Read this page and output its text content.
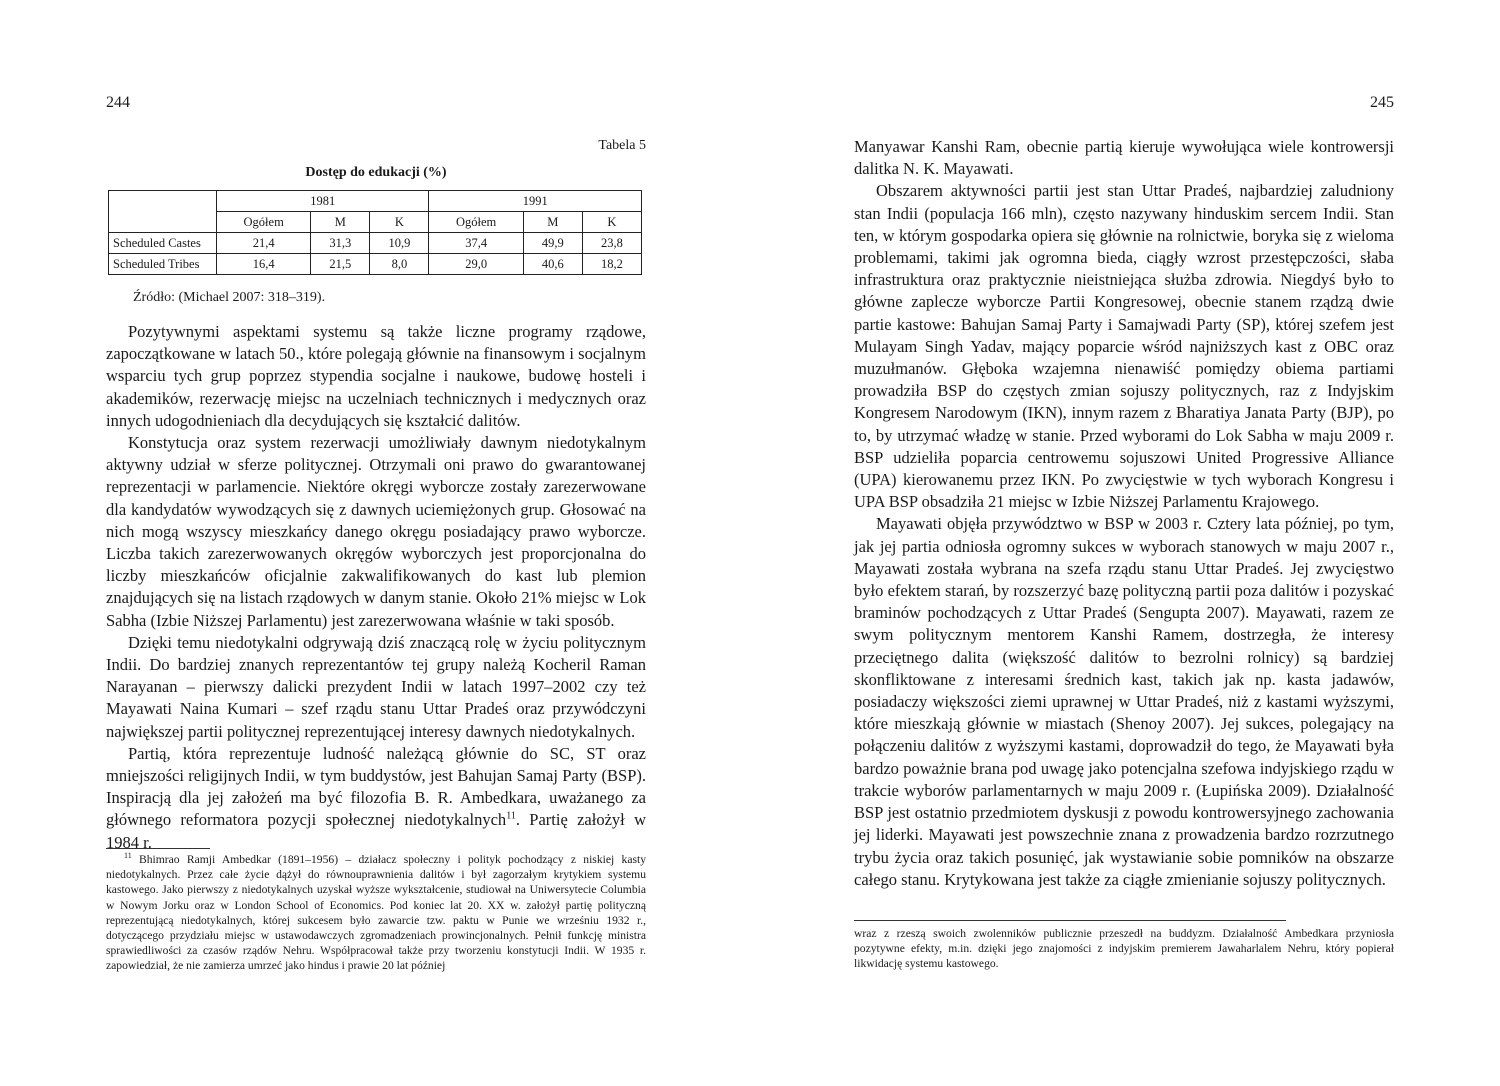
244
Tabela 5
Dostęp do edukacji (%)
	1981			1991		
	Ogółem	M	K	Ogółem	M	K
Scheduled Castes	21,4	31,3	10,9	37,4	49,9	23,8
Scheduled Tribes	16,4	21,5	8,0	29,0	40,6	18,2
Źródło: (Michael 2007: 318–319).

Pozytywnymi aspektami systemu są także liczne programy rządowe, zapoczątkowane w latach 50., które polegają głównie na finansowym i socjalnym wsparciu tych grup poprzez stypendia socjalne i naukowe, budowę hosteli i akademików, rezerwację miejsc na uczelniach technicznych i medycznych oraz innych udogodnieniach dla decydujących się kształcić dalitów.

Konstytucja oraz system rezerwacji umożliwiały dawnym niedotykalnym aktywny udział w sferze politycznej. Otrzymali oni prawo do gwarantowanej reprezentacji w parlamencie. Niektóre okręgi wyborcze zostały zarezerwowane dla kandydatów wywodzących się z dawnych uciemiężonych grup. Głosować na nich mogą wszyscy mieszkańcy danego okręgu posiadający prawo wyborcze. Liczba takich zarezerwowanych okręgów wyborczych jest proporcjonalna do liczby mieszkańców oficjalnie zakwalifikowanych do kast lub plemion znajdujących się na listach rządowych w danym stanie. Około 21% miejsc w Lok Sabha (Izbie Niższej Parlamentu) jest zarezerwowana właśnie w taki sposób.

Dzięki temu niedotykalni odgrywają dziś znaczącą rolę w życiu politycznym Indii. Do bardziej znanych reprezentantów tej grupy należą Kocheril Raman Narayanan – pierwszy dalicki prezydent Indii w latach 1997–2002 czy też Mayawati Naina Kumari – szef rządu stanu Uttar Pradeś oraz przywódczyni największej partii politycznej reprezentującej interesy dawnych niedotykalnych.

Partią, która reprezentuje ludność należącą głównie do SC, ST oraz mniejszości religijnych Indii, w tym buddystów, jest Bahujan Samaj Party (BSP). Inspiracją dla jej założeń ma być filozofia B. R. Ambedkara, uważanego za głównego reformatora pozycji społecznej niedotykalnych$^{11}$. Partię założył w 1984 r.

$^{11}$ Bhimrao Ramji Ambedkar (1891–1956) – działacz społeczny i polityk pochodzący z niskiej kasty niedotykalnych. Przez całe życie dążył do równouprawnienia dalitów i był zagorzałym krytykiem systemu kastowego. Jako pierwszy z niedotykalnych uzyskał wyższe wykształcenie, studiował na Uniwersytecie Columbia w Nowym Jorku oraz w London School of Economics. Pod koniec lat 20. XX w. założył partię polityczną reprezentującą niedotykalnych, której sukcesem było zawarcie tzw. paktu w Punie we wrześniu 1932 r., dotyczącego przydziału miejsc w ustawodawczych zgromadzeniach prowincjonalnych. Pełnił funkcję ministra sprawiedliwości za czasów rządów Nehru. Współpracował także przy tworzeniu konstytucji Indii. W 1935 r. zapowiedział, że nie zamierza umrzeć jako hindus i prawie 20 lat później

245

Manyawar Kanshi Ram, obecnie partią kieruje wywołująca wiele kontrowersji dalitka N. K. Mayawati.

Obszarem aktywności partii jest stan Uttar Pradeś, najbardziej zaludniony stan Indii (populacja 166 mln), często nazywany hinduskim sercem Indii. Stan ten, w którym gospodarka opiera się głównie na rolnictwie, boryka się z wieloma problemami, takimi jak ogromna bieda, ciągły wzrost przestępczości, słaba infrastruktura oraz praktycznie nieistniejąca służba zdrowia. Niegdyś było to główne zaplecze wyborcze Partii Kongresowej, obecnie stanem rządzą dwie partie kastowe: Bahujan Samaj Party i Samajwadi Party (SP), której szefem jest Mulayam Singh Yadav, mający poparcie wśród najniższych kast z OBC oraz muzułmanów. Głęboka wzajemna nienawiść pomiędzy obiema partiami prowadziła BSP do częstych zmian sojuszy politycznych, raz z Indyjskim Kongresem Narodowym (IKN), innym razem z Bharatiya Janata Party (BJP), po to, by utrzymać władzę w stanie. Przed wyborami do Lok Sabha w maju 2009 r. BSP udzieliła poparcia centrowemu sojuszowi United Progressive Alliance (UPA) kierowanemu przez IKN. Po zwycięstwie w tych wyborach Kongresu i UPA BSP obsadziła 21 miejsc w Izbie Niższej Parlamentu Krajowego.

Mayawati objęła przywództwo w BSP w 2003 r. Cztery lata później, po tym, jak jej partia odniosła ogromny sukces w wyborach stanowych w maju 2007 r., Mayawati została wybrana na szefa rządu stanu Uttar Pradeś. Jej zwycięstwo było efektem starań, by rozszerzyć bazę polityczną partii poza dalitów i pozyskać braminów pochodzących z Uttar Pradeś (Sengupta 2007). Mayawati, razem ze swym politycznym mentorem Kanshi Ramem, dostrzegła, że interesy przeciętnego dalita (większość dalitów to bezrolni rolnicy) są bardziej skonfliktowane z interesami średnich kast, takich jak np. kasta jadawów, posiadaczy większości ziemi uprawnej w Uttar Pradeś, niż z kastami wyższymi, które mieszkają głównie w miastach (Shenoy 2007). Jej sukces, polegający na połączeniu dalitów z wyższymi kastami, doprowadził do tego, że Mayawati była bardzo poważnie brana pod uwagę jako potencjalna szefowa indyjskiego rządu w trakcie wyborów parlamentarnych w maju 2009 r. (Łupińska 2009). Działalność BSP jest ostatnio przedmiotem dyskusji z powodu kontrowersyjnego zachowania jej liderki. Mayawati jest powszechnie znana z prowadzenia bardzo rozrzutnego trybu życia oraz takich posunięć, jak wystawianie sobie pomników na obszarze całego stanu. Krytykowana jest także za ciągłe zmienianie sojuszy politycznych.

wraz z rzeszą swoich zwolenników publicznie przeszedł na buddyzm. Działalność Ambedkara przyniosła pozytywne efekty, m.in. dzięki jego znajomości z indyjskim premierem Jawaharlalem Nehru, który popierał likwidację systemu kastowego.
